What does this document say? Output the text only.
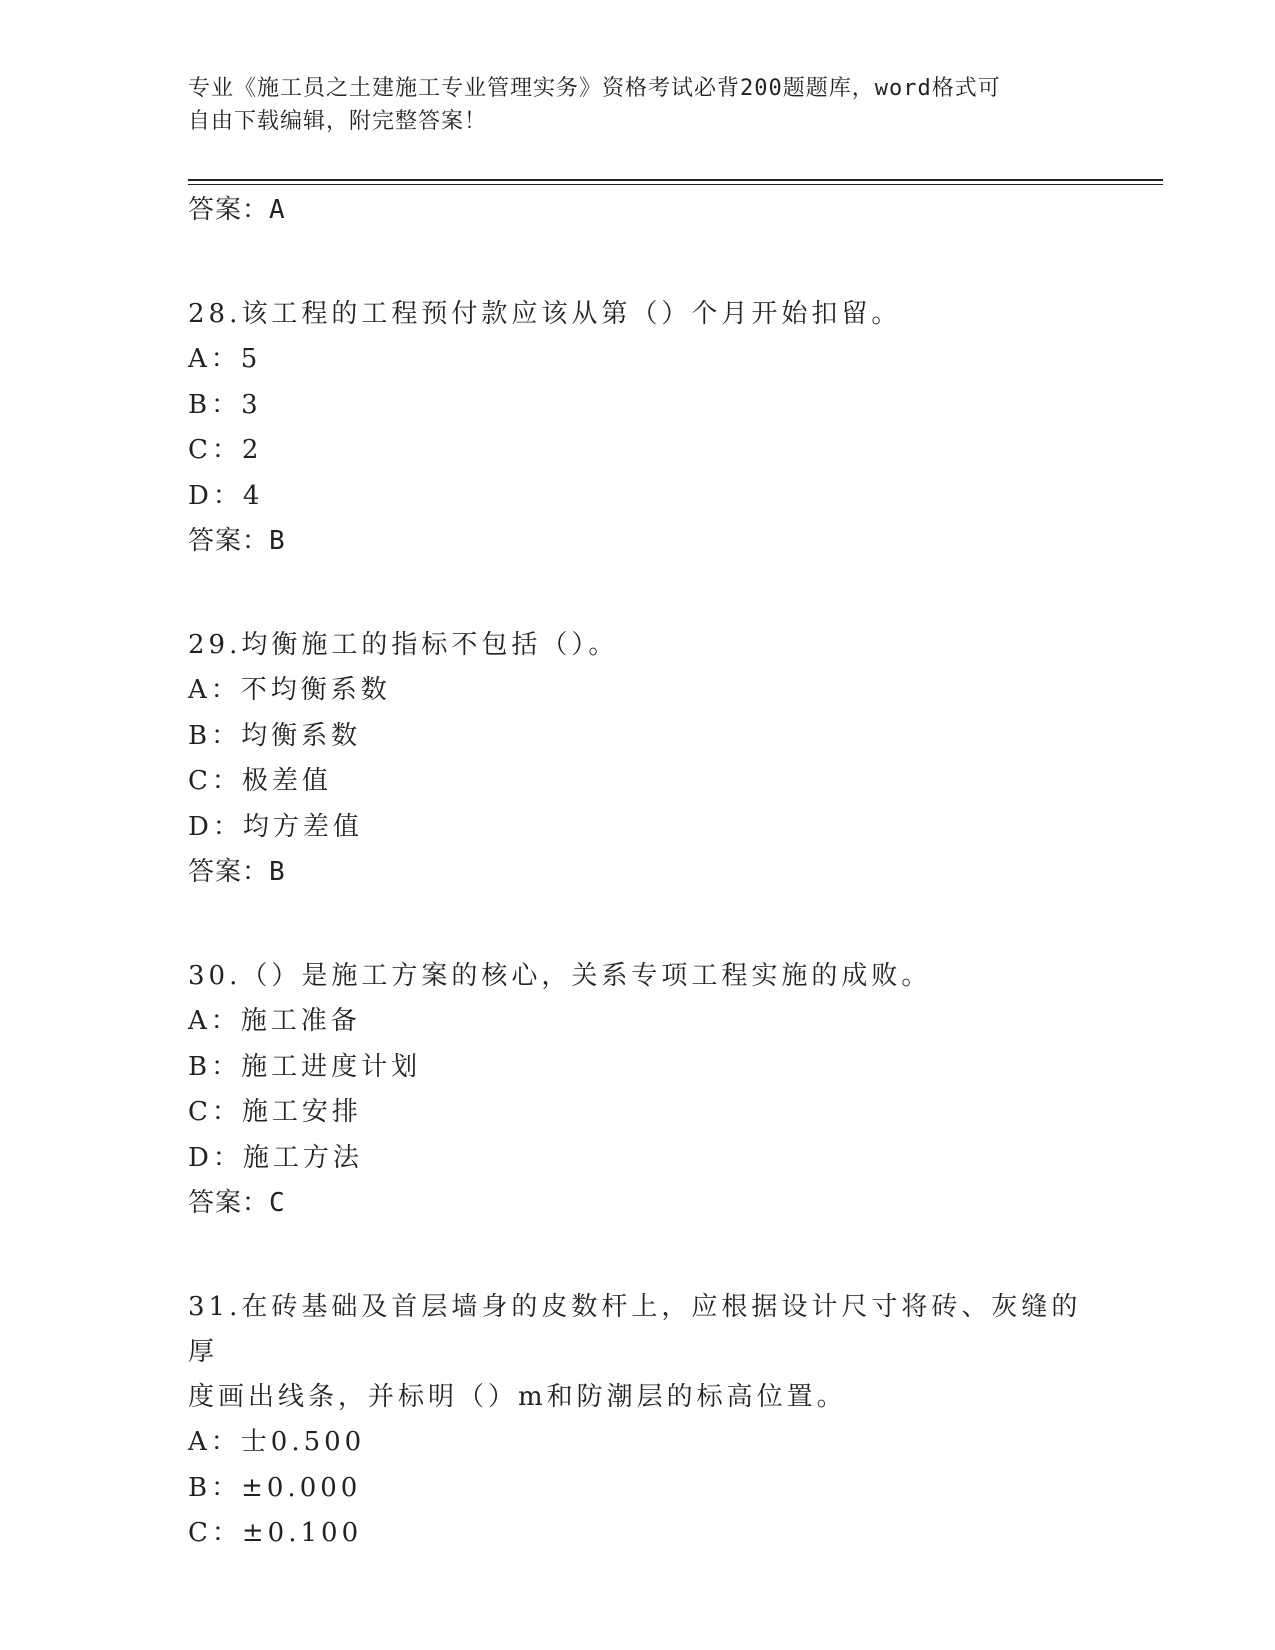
专业《施工员之土建施工专业管理实务》资格考试必背200题题库，word格式可
自由下载编辑，附完整答案！

答案：A

28.该工程的工程预付款应该从第（）个月开始扣留。

A：5

B：3

C：2

D：4

答案：B

29.均衡施工的指标不包括（）。

A：不均衡系数

B：均衡系数

C：极差值

D：均方差值

答案：B

30.（）是施工方案的核心，关系专项工程实施的成败。

A：施工准备

B：施工进度计划

C：施工安排

D：施工方法

答案：C

31.在砖基础及首层墙身的皮数杆上，应根据设计尺寸将砖、灰缝的厚

度画出线条，并标明（）m和防潮层的标高位置。

A：士0.500

B：±0.000

C：±0.100
